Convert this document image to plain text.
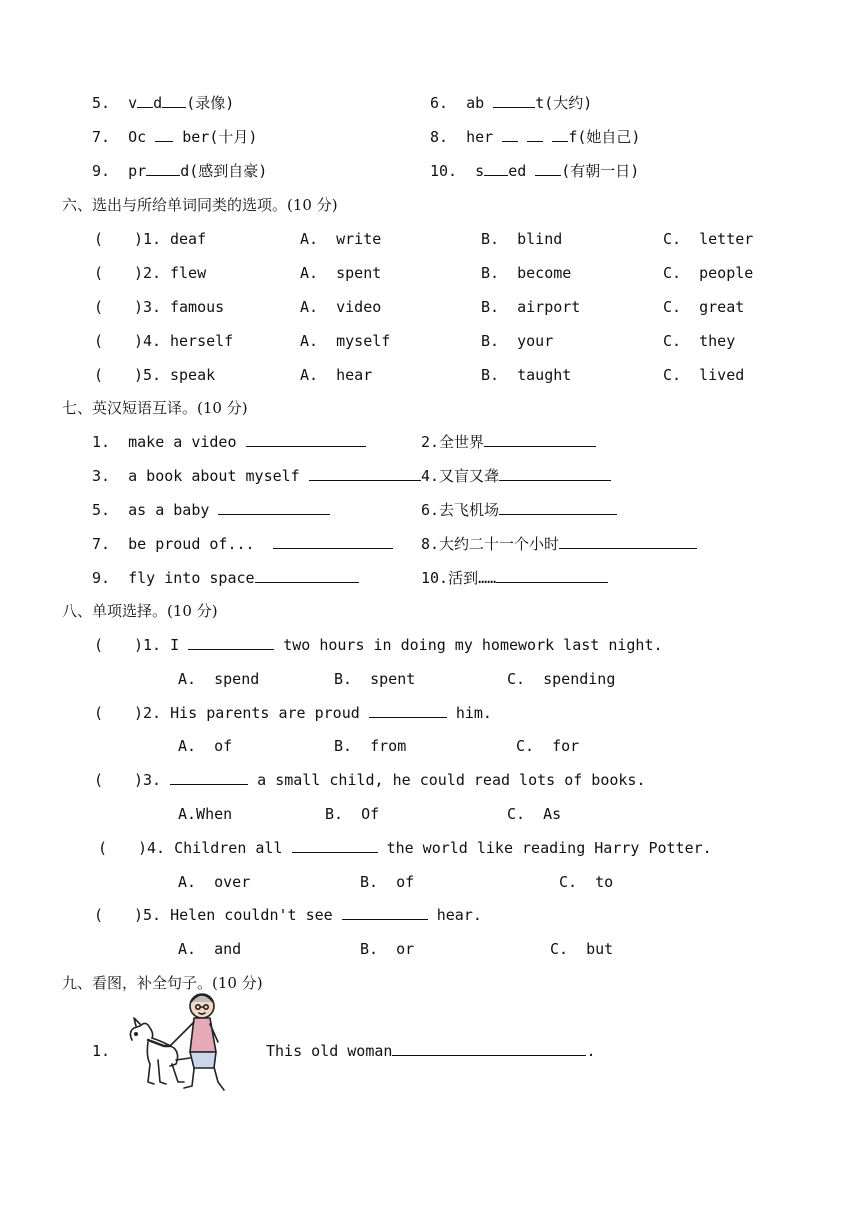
5. v d (录像)	6. ab	t(大约)
7. Oc  ber(十月)	8. her	f(她自己)
9. pr d(感到自豪)	10. s ed (有朝一日)
六、选出与所给单词同类的选项。(10 分)
( )1. deaf	A.  write	B.  blind	C.  letter
( )2. flew	A.  spent	B.  become	C.  people
( )3. famous	A.  video	B.  airport	C.  great
( )4. herself	A.  myself	B.  your	C.  they
( )5. speak	A.  hear	B.  taught	C.  lived
七、英汉短语互译。(10 分)
1.  make a video	2.全世界
3.  a book about myself	4.又盲又聋
5.  as a baby	6.去飞机场
7.  be proud of...	8.大约二十一个小时
9.  fly into space	10.活到……
八、单项选择。(10 分)
( )1. I	two hours in doing my homework last night.
A.  spend	B.  spent	C.  spending
( )2. His parents are proud	him.
A.  of	B.  from	C.  for
( )3.	a small child, he could read lots of books.
A.When	B.  Of	C.  As
( )4. Children all	the world like reading Harry Potter.
A.  over	B.  of	C.  to
( )5. Helen couldn't see	hear.
A.  and	B.  or	C.  but
九、看图，补全句子。(10 分)
1.	This old woman	.
